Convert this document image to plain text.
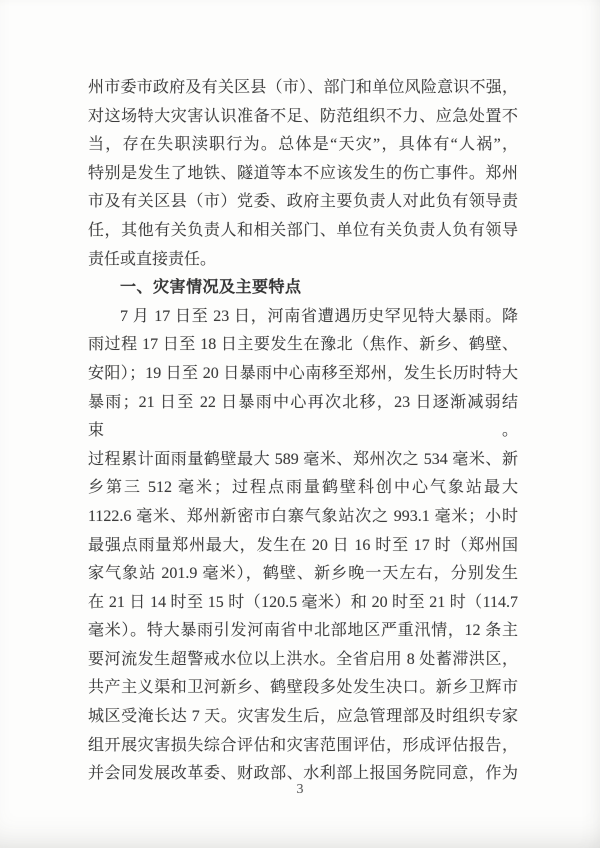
州市委市政府及有关区县（市）、部门和单位风险意识不强，
对这场特大灾害认识准备不足、防范组织不力、应急处置不
当，存在失职渎职行为。总体是“天灾”，具体有“人祸”，
特别是发生了地铁、隧道等本不应该发生的伤亡事件。郑州
市及有关区县（市）党委、政府主要负责人对此负有领导责
任，其他有关负责人和相关部门、单位有关负责人负有领导
责任或直接责任。
一、灾害情况及主要特点
7 月 17 日至 23 日，河南省遭遇历史罕见特大暴雨。降
雨过程 17 日至 18 日主要发生在豫北（焦作、新乡、鹤壁、
安阳）；19 日至 20 日暴雨中心南移至郑州，发生长历时特大
暴雨；21 日至 22 日暴雨中心再次北移，23 日逐渐减弱结束。
过程累计面雨量鹤壁最大 589 毫米、郑州次之 534 毫米、新
乡第三 512 毫米；过程点雨量鹤壁科创中心气象站最大
1122.6 毫米、郑州新密市白寨气象站次之 993.1 毫米；小时
最强点雨量郑州最大，发生在 20 日 16 时至 17 时（郑州国
家气象站 201.9 毫米），鹤壁、新乡晚一天左右，分别发生
在 21 日 14 时至 15 时（120.5 毫米）和 20 时至 21 时（114.7
毫米）。特大暴雨引发河南省中北部地区严重汛情，12 条主
要河流发生超警戒水位以上洪水。全省启用 8 处蓄滞洪区，
共产主义渠和卫河新乡、鹤壁段多处发生决口。新乡卫辉市
城区受淹长达 7 天。灾害发生后，应急管理部及时组织专家
组开展灾害损失综合评估和灾害范围评估，形成评估报告，
并会同发展改革委、财政部、水利部上报国务院同意，作为
3
